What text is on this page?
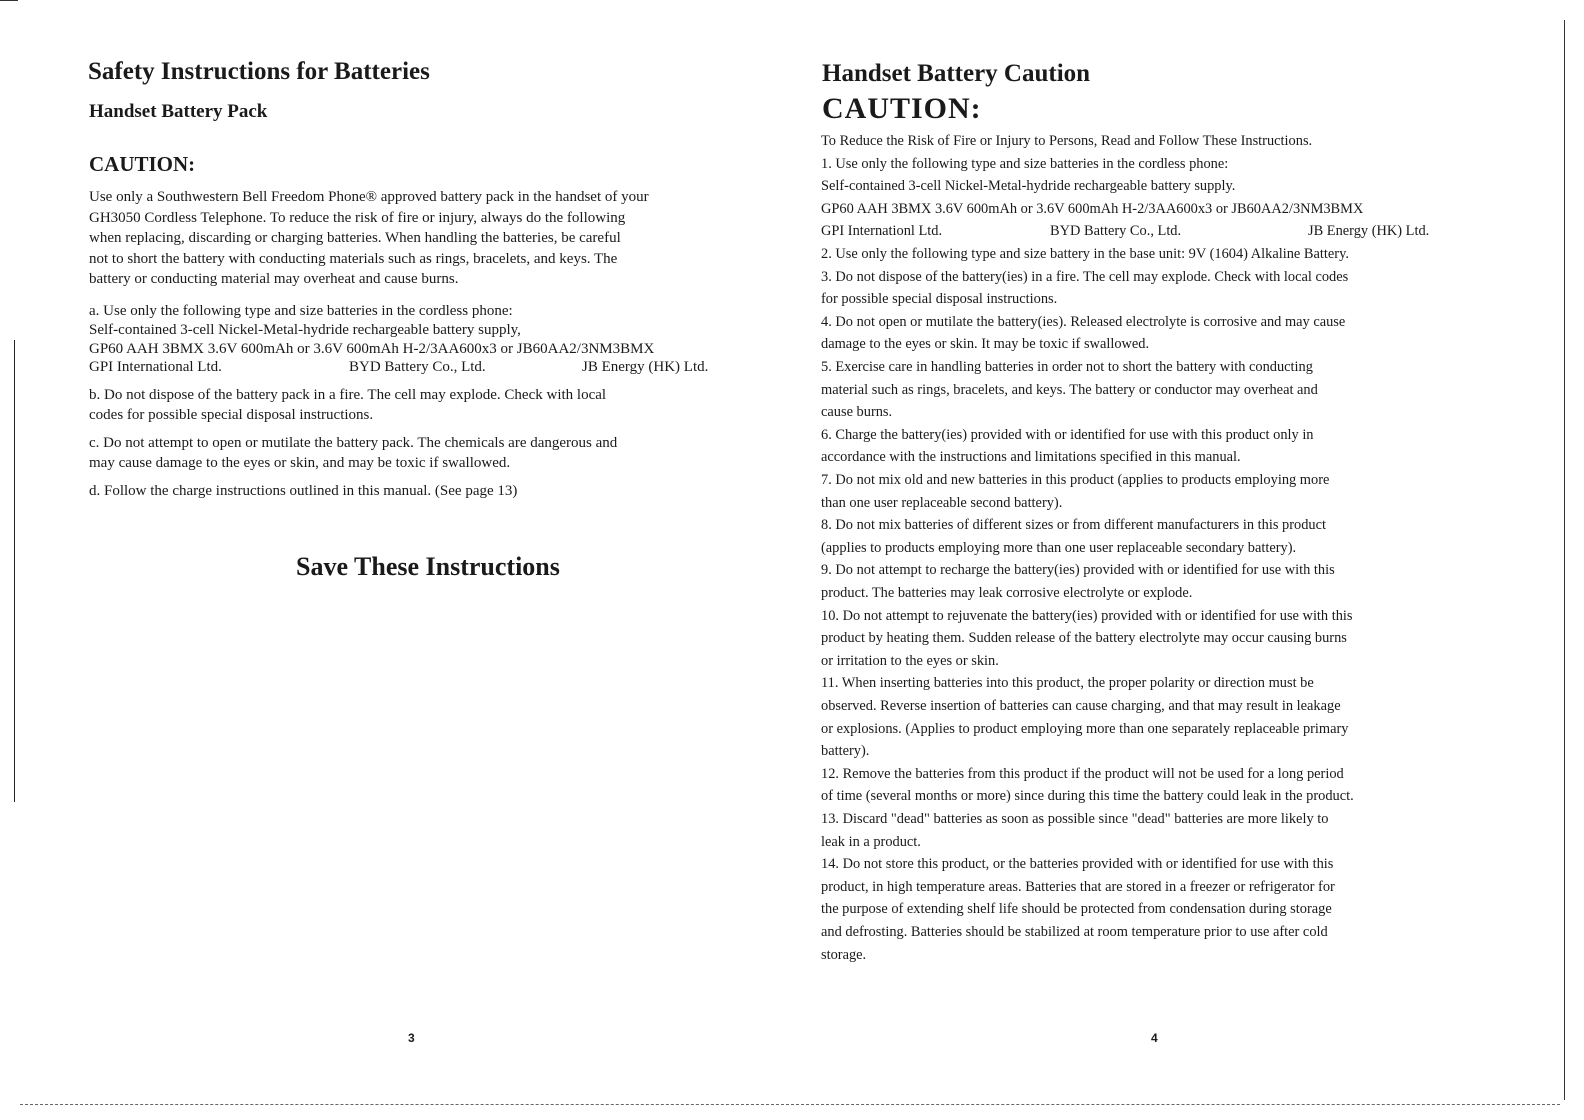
Safety Instructions for Batteries
Handset Battery Pack
CAUTION:
Use only a Southwestern Bell Freedom Phone® approved battery pack in the handset of your
GH3050 Cordless Telephone. To reduce the risk of fire or injury, always do the following
when replacing, discarding or charging batteries. When handling the batteries, be careful
not to short the battery with conducting materials such as rings, bracelets, and keys. The
battery or conducting material may overheat and cause burns.
a. Use only the following type and size batteries in the cordless phone:
Self-contained 3-cell Nickel-Metal-hydride rechargeable battery supply,
GP60 AAH 3BMX 3.6V 600mAh or 3.6V 600mAh H-2/3AA600x3 or JB60AA2/3NM3BMX
GPI International Ltd.	BYD Battery Co., Ltd.	JB Energy (HK) Ltd.
b. Do not dispose of the battery pack in a fire. The cell may explode. Check with local
codes for possible special disposal instructions.
c. Do not attempt to open or mutilate the battery pack. The chemicals are dangerous and
may cause damage to the eyes or skin, and may be toxic if swallowed.
d. Follow the charge instructions outlined in this manual. (See page 13)
Save These Instructions
3
Handset Battery Caution
CAUTION:
To Reduce the Risk of Fire or Injury to Persons, Read and Follow These Instructions.
1. Use only the following type and size batteries in the cordless phone:
Self-contained 3-cell Nickel-Metal-hydride rechargeable battery supply.
GP60 AAH 3BMX 3.6V 600mAh or 3.6V 600mAh H-2/3AA600x3 or JB60AA2/3NM3BMX
GPI Internationl Ltd.	BYD Battery Co., Ltd.	JB Energy (HK) Ltd.
2. Use only the following type and size battery in the base unit: 9V (1604) Alkaline Battery.
3. Do not dispose of the battery(ies) in a fire. The cell may explode. Check with local codes
for possible special disposal instructions.
4. Do not open or mutilate the battery(ies). Released electrolyte is corrosive and may cause
damage to the eyes or skin. It may be toxic if swallowed.
5. Exercise care in handling batteries in order not to short the battery with conducting
material such as rings, bracelets, and keys. The battery or conductor may overheat and
cause burns.
6. Charge the battery(ies) provided with or identified for use with this product only in
accordance with the instructions and limitations specified in this manual.
7. Do not mix old and new batteries in this product (applies to products employing more
than one user replaceable second battery).
8. Do not mix batteries of different sizes or from different manufacturers in this product
(applies to products employing more than one user replaceable secondary battery).
9. Do not attempt to recharge the battery(ies) provided with or identified for use with this
product. The batteries may leak corrosive electrolyte or explode.
10. Do not attempt to rejuvenate the battery(ies) provided with or identified for use with this
product by heating them. Sudden release of the battery electrolyte may occur causing burns
or irritation to the eyes or skin.
11. When inserting batteries into this product, the proper polarity or direction must be
observed. Reverse insertion of batteries can cause charging, and that may result in leakage
or explosions. (Applies to product employing more than one separately replaceable primary
battery).
12. Remove the batteries from this product if the product will not be used for a long period
of time (several months or more) since during this time the battery could leak in the product.
13. Discard "dead" batteries as soon as possible since "dead" batteries are more likely to
leak in a product.
14. Do not store this product, or the batteries provided with or identified for use with this
product, in high temperature areas. Batteries that are stored in a freezer or refrigerator for
the purpose of extending shelf life should be protected from condensation during storage
and defrosting. Batteries should be stabilized at room temperature prior to use after cold
storage.
4
